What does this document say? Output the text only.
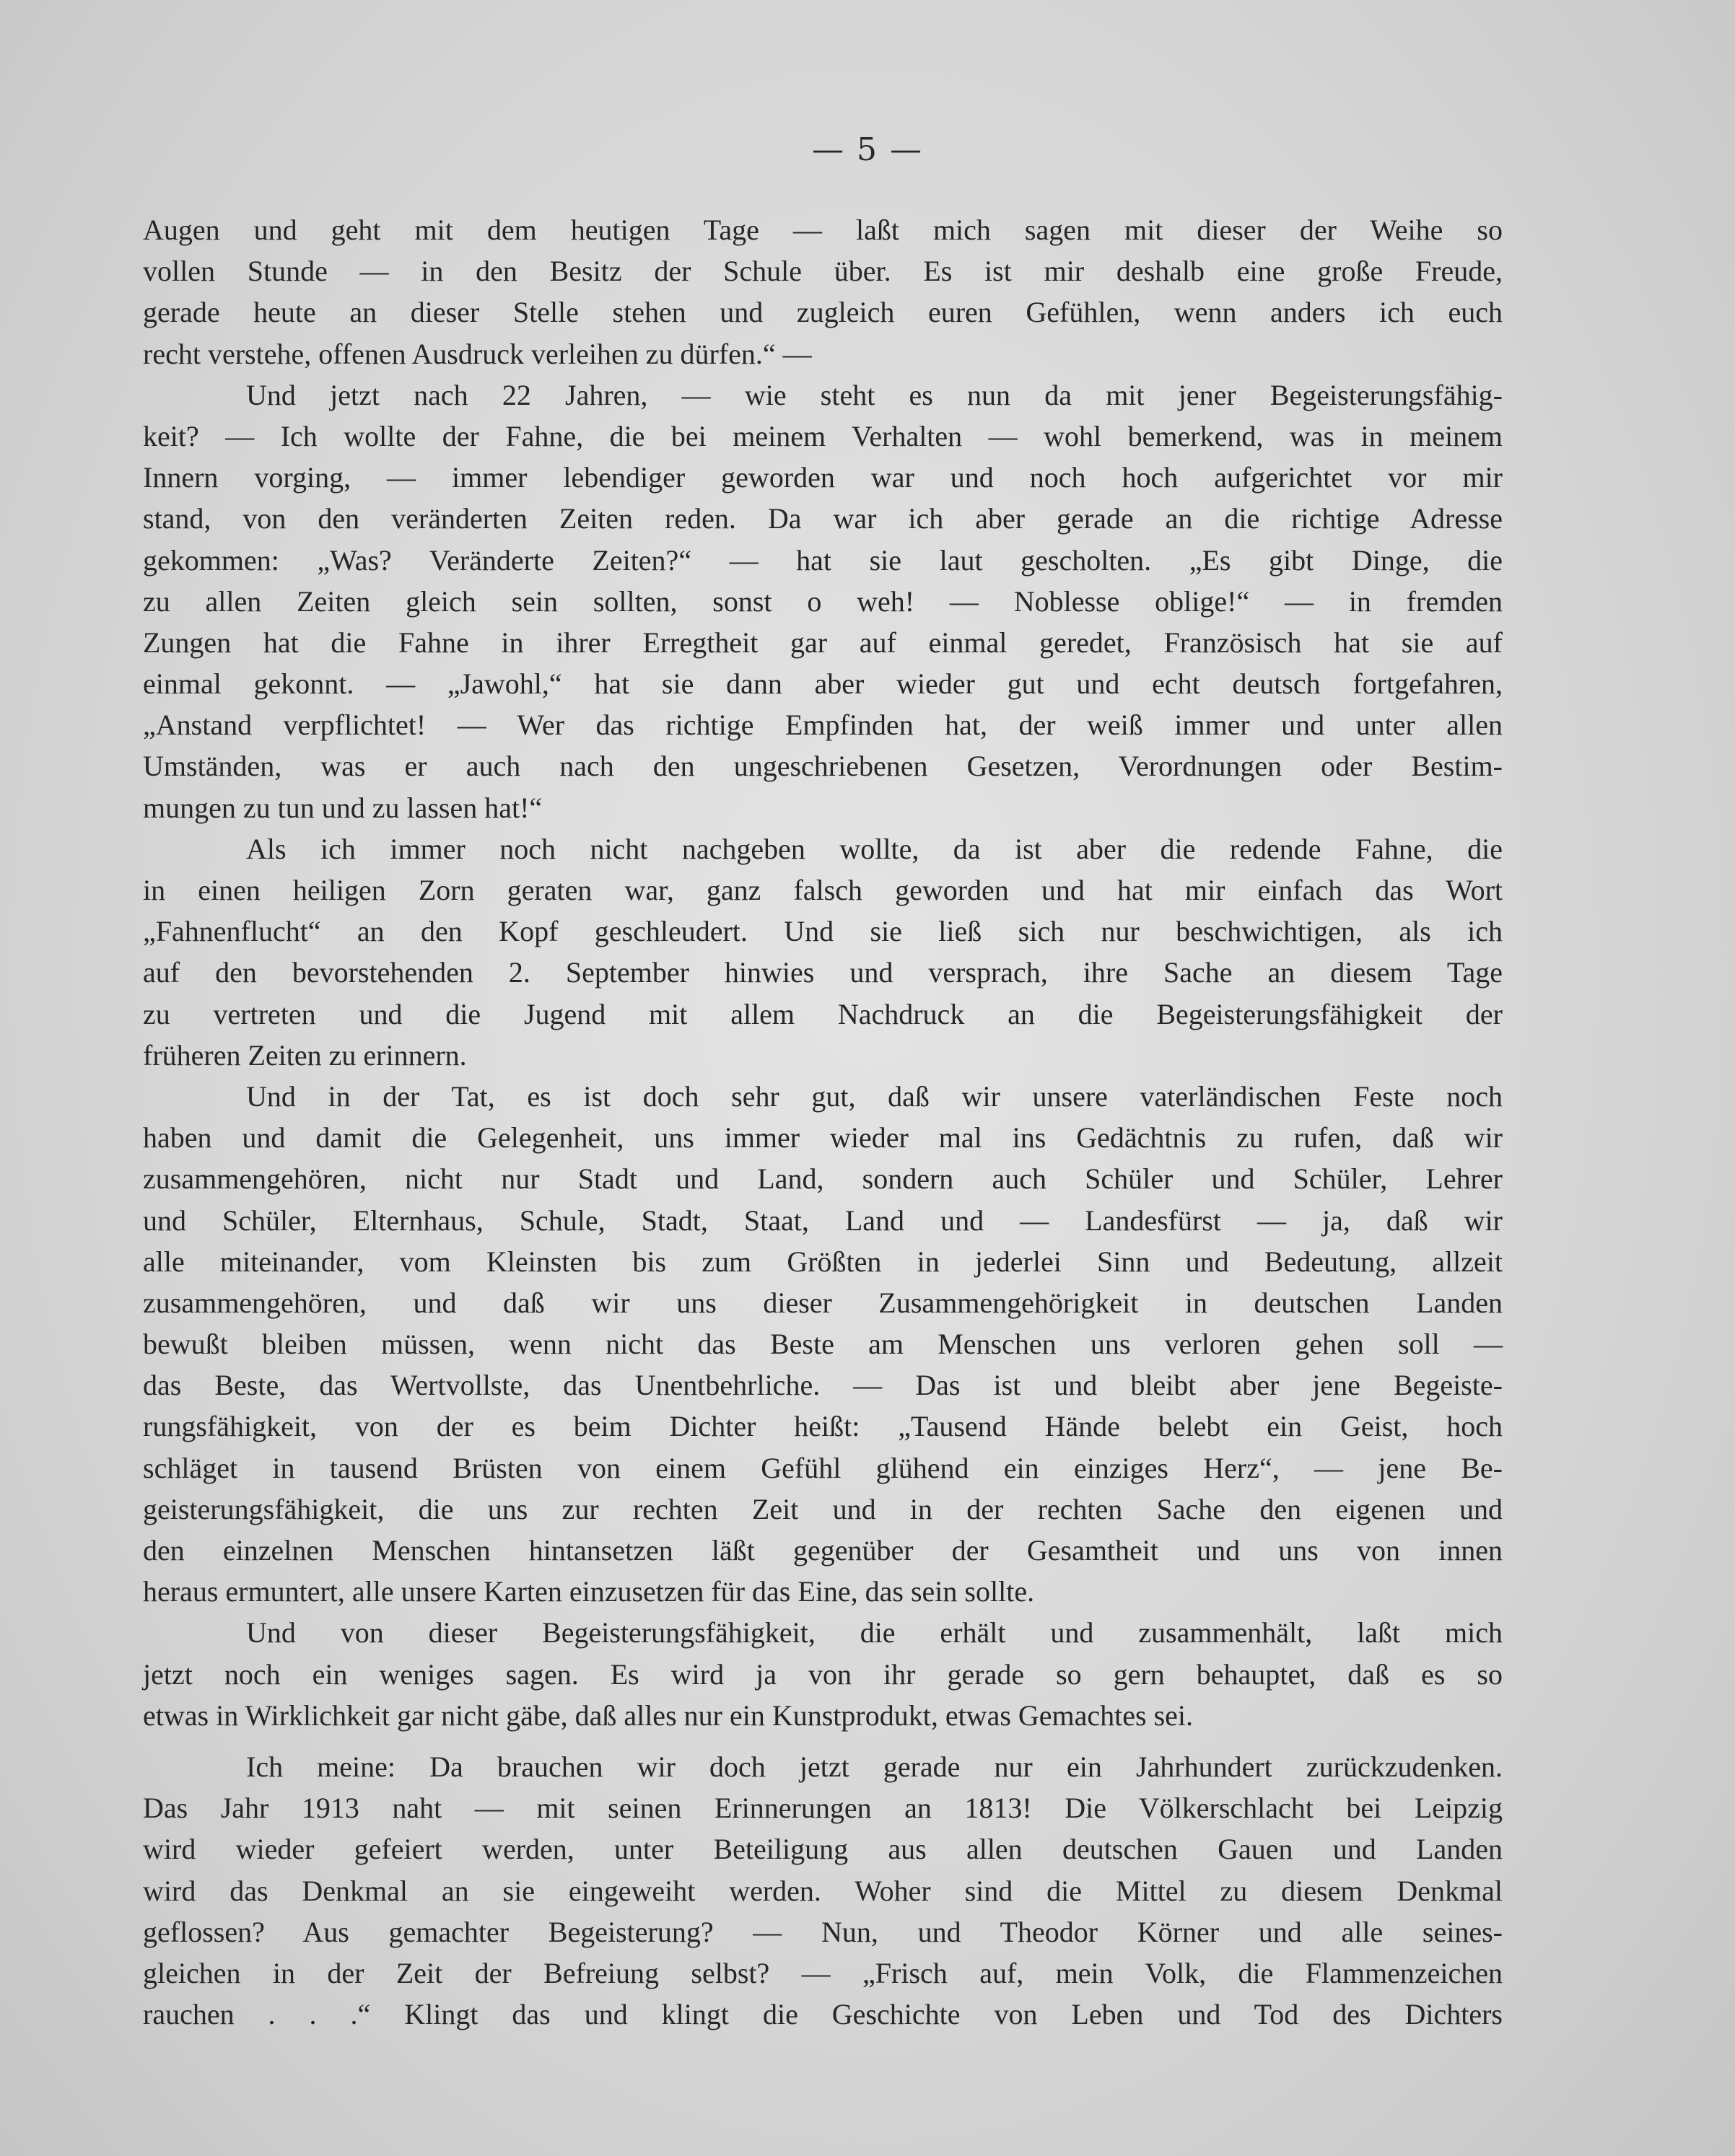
— 5 —
Augen und geht mit dem heutigen Tage — laßt mich sagen mit dieser der Weihe so
vollen Stunde — in den Besitz der Schule über. Es ist mir deshalb eine große Freude,
gerade heute an dieser Stelle stehen und zugleich euren Gefühlen, wenn anders ich euch
recht verstehe, offenen Ausdruck verleihen zu dürfen.“ —
Und jetzt nach 22 Jahren, — wie steht es nun da mit jener Begeisterungsfähig-
keit? — Ich wollte der Fahne, die bei meinem Verhalten — wohl bemerkend, was in meinem
Innern vorging, — immer lebendiger geworden war und noch hoch aufgerichtet vor mir
stand, von den veränderten Zeiten reden. Da war ich aber gerade an die richtige Adresse
gekommen: „Was? Veränderte Zeiten?“ — hat sie laut gescholten. „Es gibt Dinge, die
zu allen Zeiten gleich sein sollten, sonst o weh! — Noblesse oblige!“ — in fremden
Zungen hat die Fahne in ihrer Erregtheit gar auf einmal geredet, Französisch hat sie auf
einmal gekonnt. — „Jawohl,“ hat sie dann aber wieder gut und echt deutsch fortgefahren,
„Anstand verpflichtet! — Wer das richtige Empfinden hat, der weiß immer und unter allen
Umständen, was er auch nach den ungeschriebenen Gesetzen, Verordnungen oder Bestim-
mungen zu tun und zu lassen hat!“
Als ich immer noch nicht nachgeben wollte, da ist aber die redende Fahne, die
in einen heiligen Zorn geraten war, ganz falsch geworden und hat mir einfach das Wort
„Fahnenflucht“ an den Kopf geschleudert. Und sie ließ sich nur beschwichtigen, als ich
auf den bevorstehenden 2. September hinwies und versprach, ihre Sache an diesem Tage
zu vertreten und die Jugend mit allem Nachdruck an die Begeisterungsfähigkeit der
früheren Zeiten zu erinnern.
Und in der Tat, es ist doch sehr gut, daß wir unsere vaterländischen Feste noch
haben und damit die Gelegenheit, uns immer wieder mal ins Gedächtnis zu rufen, daß wir
zusammengehören, nicht nur Stadt und Land, sondern auch Schüler und Schüler, Lehrer
und Schüler, Elternhaus, Schule, Stadt, Staat, Land und — Landesfürst — ja, daß wir
alle miteinander, vom Kleinsten bis zum Größten in jederlei Sinn und Bedeutung, allzeit
zusammengehören, und daß wir uns dieser Zusammengehörigkeit in deutschen Landen
bewußt bleiben müssen, wenn nicht das Beste am Menschen uns verloren gehen soll —
das Beste, das Wertvollste, das Unentbehrliche. — Das ist und bleibt aber jene Begeiste-
rungsfähigkeit, von der es beim Dichter heißt: „Tausend Hände belebt ein Geist, hoch
schläget in tausend Brüsten von einem Gefühl glühend ein einziges Herz“, — jene Be-
geisterungsfähigkeit, die uns zur rechten Zeit und in der rechten Sache den eigenen und
den einzelnen Menschen hintansetzen läßt gegenüber der Gesamtheit und uns von innen
heraus ermuntert, alle unsere Karten einzusetzen für das Eine, das sein sollte.
Und von dieser Begeisterungsfähigkeit, die erhält und zusammenhält, laßt mich
jetzt noch ein weniges sagen. Es wird ja von ihr gerade so gern behauptet, daß es so
etwas in Wirklichkeit gar nicht gäbe, daß alles nur ein Kunstprodukt, etwas Gemachtes sei.
Ich meine: Da brauchen wir doch jetzt gerade nur ein Jahrhundert zurückzudenken.
Das Jahr 1913 naht — mit seinen Erinnerungen an 1813! Die Völkerschlacht bei Leipzig
wird wieder gefeiert werden, unter Beteiligung aus allen deutschen Gauen und Landen
wird das Denkmal an sie eingeweiht werden. Woher sind die Mittel zu diesem Denkmal
geflossen? Aus gemachter Begeisterung? — Nun, und Theodor Körner und alle seines-
gleichen in der Zeit der Befreiung selbst? — „Frisch auf, mein Volk, die Flammenzeichen
rauchen . . .“ Klingt das und klingt die Geschichte von Leben und Tod des Dichters
